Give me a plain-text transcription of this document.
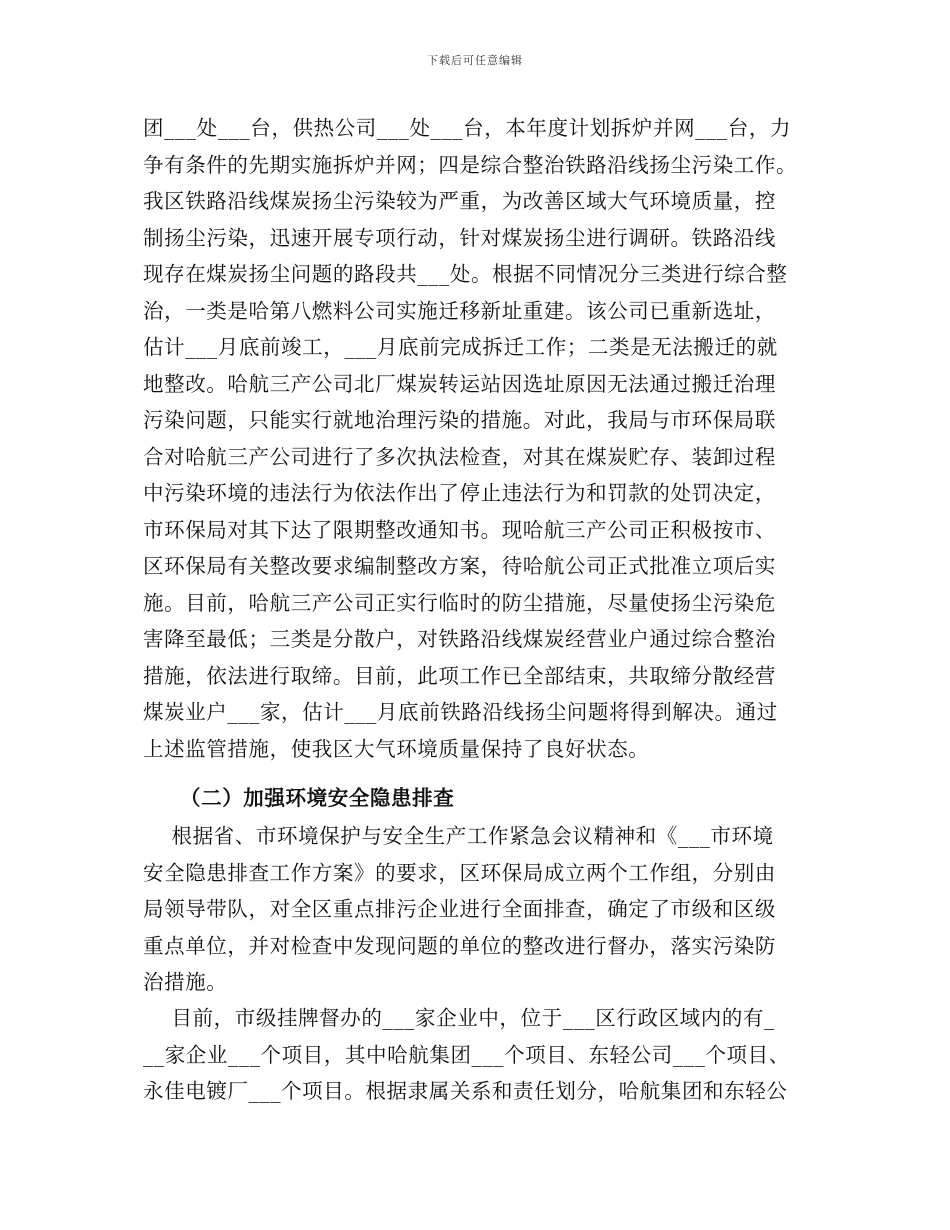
下载后可任意编辑
团___处___台，供热公司___处___台，本年度计划拆炉并网___台，力
争有条件的先期实施拆炉并网；四是综合整治铁路沿线扬尘污染工作。
我区铁路沿线煤炭扬尘污染较为严重，为改善区域大气环境质量，控
制扬尘污染，迅速开展专项行动，针对煤炭扬尘进行调研。铁路沿线
现存在煤炭扬尘问题的路段共___处。根据不同情况分三类进行综合整
治，一类是哈第八燃料公司实施迁移新址重建。该公司已重新选址，
估计___月底前竣工，___月底前完成拆迁工作；二类是无法搬迁的就
地整改。哈航三产公司北厂煤炭转运站因选址原因无法通过搬迁治理
污染问题，只能实行就地治理污染的措施。对此，我局与市环保局联
合对哈航三产公司进行了多次执法检查，对其在煤炭贮存、装卸过程
中污染环境的违法行为依法作出了停止违法行为和罚款的处罚决定，
市环保局对其下达了限期整改通知书。现哈航三产公司正积极按市、
区环保局有关整改要求编制整改方案，待哈航公司正式批准立项后实
施。目前，哈航三产公司正实行临时的防尘措施，尽量使扬尘污染危
害降至最低；三类是分散户，对铁路沿线煤炭经营业户通过综合整治
措施，依法进行取缔。目前，此项工作已全部结束，共取缔分散经营
煤炭业户___家，估计___月底前铁路沿线扬尘问题将得到解决。通过
上述监管措施，使我区大气环境质量保持了良好状态。
（二）加强环境安全隐患排查
根据省、市环境保护与安全生产工作紧急会议精神和《___市环境
安全隐患排查工作方案》的要求，区环保局成立两个工作组，分别由
局领导带队，对全区重点排污企业进行全面排查，确定了市级和区级
重点单位，并对检查中发现问题的单位的整改进行督办，落实污染防
治措施。
目前，市级挂牌督办的___家企业中，位于___区行政区域内的有_
__家企业___个项目，其中哈航集团___个项目、东轻公司___个项目、
永佳电镀厂___个项目。根据隶属关系和责任划分，哈航集团和东轻公
